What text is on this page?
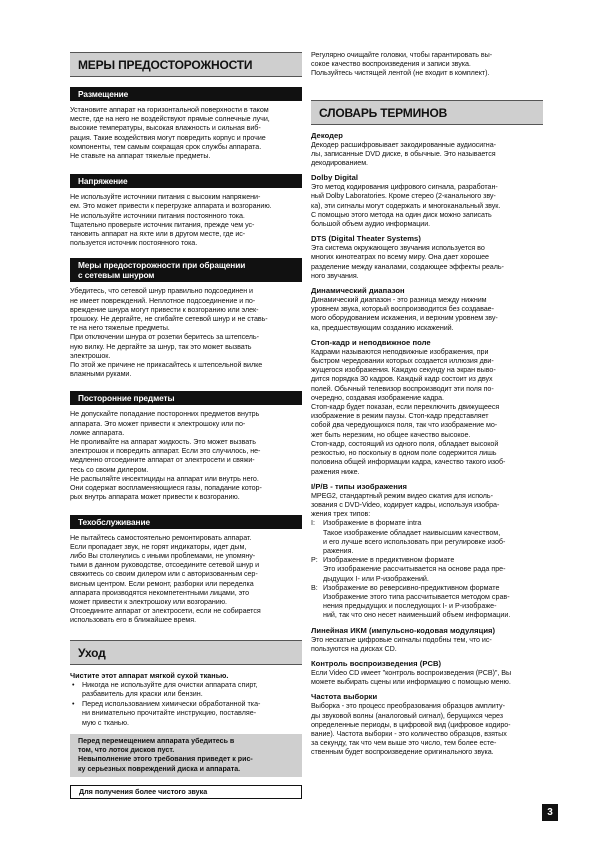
МЕРЫ ПРЕДОСТОРОЖНОСТИ
Размещение
Установите аппарат на горизонтальной поверхности в таком
месте, где на него не воздействуют прямые солнечные лучи,
высокие температуры, высокая влажность и сильная виб-
рация. Такие воздействия могут повредить корпус и прочие
компоненты, тем самым сокращая срок службы аппарата.
Не ставьте на аппарат тяжелые предметы.
Напряжение
Не используйте источники питания с высоким напряжени-
ем. Это может привести к перегрузке аппарата и возгоранию.
Не используйте источники питания постоянного тока.
Тщательно проверьте источник питания, прежде чем ус-
тановить аппарат на яхте или в другом месте, где ис-
пользуется источник постоянного тока.
Меры предосторожности при обращении
с сетевым шнуром
Убедитесь, что сетевой шнур правильно подсоединен и
не имеет повреждений. Неплотное подсоединение и по-
вреждение шнура могут привести к возгоранию или элек-
трошоку. Не дергайте, не сгибайте сетевой шнур и не ставь-
те на него тяжелые предметы.
При отключении шнура от розетки беритесь за штепсель-
ную вилку. Не дергайте за шнур, так это может вызвать
электрошок.
По этой же причине не прикасайтесь к штепсельной вилке
влажными руками.
Посторонние предметы
Не допускайте попадание посторонних предметов внутрь
аппарата. Это может привести к электрошоку или по-
ломке аппарата.
Не проливайте на аппарат жидкость. Это может вызвать
электрошок и повредить аппарат. Если это случилось, не-
медленно отсоедините аппарат от электросети и свяжи-
тесь со своим дилером.
Не распыляйте инсектициды на аппарат или внутрь него.
Они содержат воспламеняющиеся газы, попадание котор-
рых внутрь аппарата может привести к возгоранию.
Техобслуживание
Не пытайтесь самостоятельно ремонтировать аппарат.
Если пропадает звук, не горят индикаторы, идет дым,
либо Вы столкнулись с иными проблемами, не упомяну-
тыми в данном руководстве, отсоедините сетевой шнур и
свяжитесь со своим дилером или с авторизованным сер-
висным центром. Если ремонт, разборки или переделка
аппарата производятся некомпетентными лицами, это
может привести к электрошоку или возгоранию.
Отсоедините аппарат от электросети, если не собирается
использовать его в ближайшее время.
Уход
Чистите этот аппарат мягкой сухой тканью.
• Никогда не используйте для очистки аппарата спирт,
разбавитель для краски или бензин.
• Перед использованием химически обработанной тка-
ни внимательно прочитайте инструкцию, поставляе-
мую с тканью.
Перед перемещением аппарата убедитесь в
том, что лоток дисков пуст.
Невыполнение этого требования приведет к рис-
ку серьезных повреждений диска и аппарата.
Для получения более чистого звука
Регулярно очищайте головки, чтобы гарантировать вы-
сокое качество воспроизведения и записи звука.
Пользуйтесь чистящей лентой (не входит в комплект).
СЛОВАРЬ ТЕРМИНОВ
Декодер
Декодер расшифровывает закодированные аудиосигна-
лы, записанные DVD диске, в обычные. Это называется
декодированием.
Dolby Digital
Это метод кодирования цифрового сигнала, разработан-
ный Dolby Laboratories. Кроме стерео (2-канального зву-
ка), эти сигналы могут содержать и многоканальный звук.
С помощью этого метода на один диск можно записать
большой объем аудио информации.
DTS (Digital Theater Systems)
Эта система окружающего звучания используется во
многих кинотеатрах по всему миру. Она дает хорошее
разделение между каналами, создающее эффекты реаль-
ного звучания.
Динамический диапазон
Динамический диапазон - это разница между нижним
уровнем звука, который воспроизводится без создавае-
мого оборудованием искажения, и верхним уровнем зву-
ка, предшествующим созданию искажений.
Стоп-кадр и неподвижное поле
Кадрами называются неподвижные изображения, при
быстром чередовании которых создается иллюзия дви-
жущегося изображения. Каждую секунду на экран выво-
дится порядка 30 кадров. Каждый кадр состоит из двух
полей. Обычный телевизор воспроизводит эти поля по-
очередно, создавая изображение кадра.
Стоп-кадр будет показан, если переключить движущееся
изображение в режим паузы. Стоп-кадр представляет
собой два чередующихся поля, так что изображение мо-
жет быть нерезким, но общее качество высокое.
Стоп-кадр, состоящий из одного поля, обладает высокой
резкостью, но поскольку в одном поле содержится лишь
половина общей информации кадра, качество такого изоб-
ражения ниже.
I/P/B - типы изображения
MPEG2, стандартный режим видео сжатия для исполь-
зования с DVD-Video, кодирует кадры, используя изобра-
жения трех типов:
I:	Изображение в формате intra
Такое изображение обладает наивысшим качеством,
и его лучше всего использовать при регулировке изоб-
ражения.
P: Изображение в предиктивном формате
Это изображение рассчитывается на основе рада пре-
дыдущих I- или P-изображений.
B: Изображение во реверсивно-предиктивном формате
Изображение этого типа рассчитывается методом срав-
нения предыдущих и последующих I- и P-изображе-
ний, так что оно несет наименьший объем информации.
Линейная ИКМ (импульсно-кодовая модуляция)
Это нескатые цифровые сигналы подобны тем, что ис-
пользуются на дисках CD.
Контроль воспроизведения (PCB)
Если Video CD имеет "контроль воспроизведения (PCB)", Вы
можете выбирать сцены или информацию с помощью меню.
Частота выборки
Выборка - это процесс преобразования образцов амплиту-
ды звуковой волны (аналоговый сигнал), берущихся через
определенные периоды, в цифровой вид (цифровое кодиро-
вание). Частота выборки - это количество образцов, взятых
за секунду, так что чем выше это число, тем более есте-
ственным будет воспроизведение оригинального звука.
3
